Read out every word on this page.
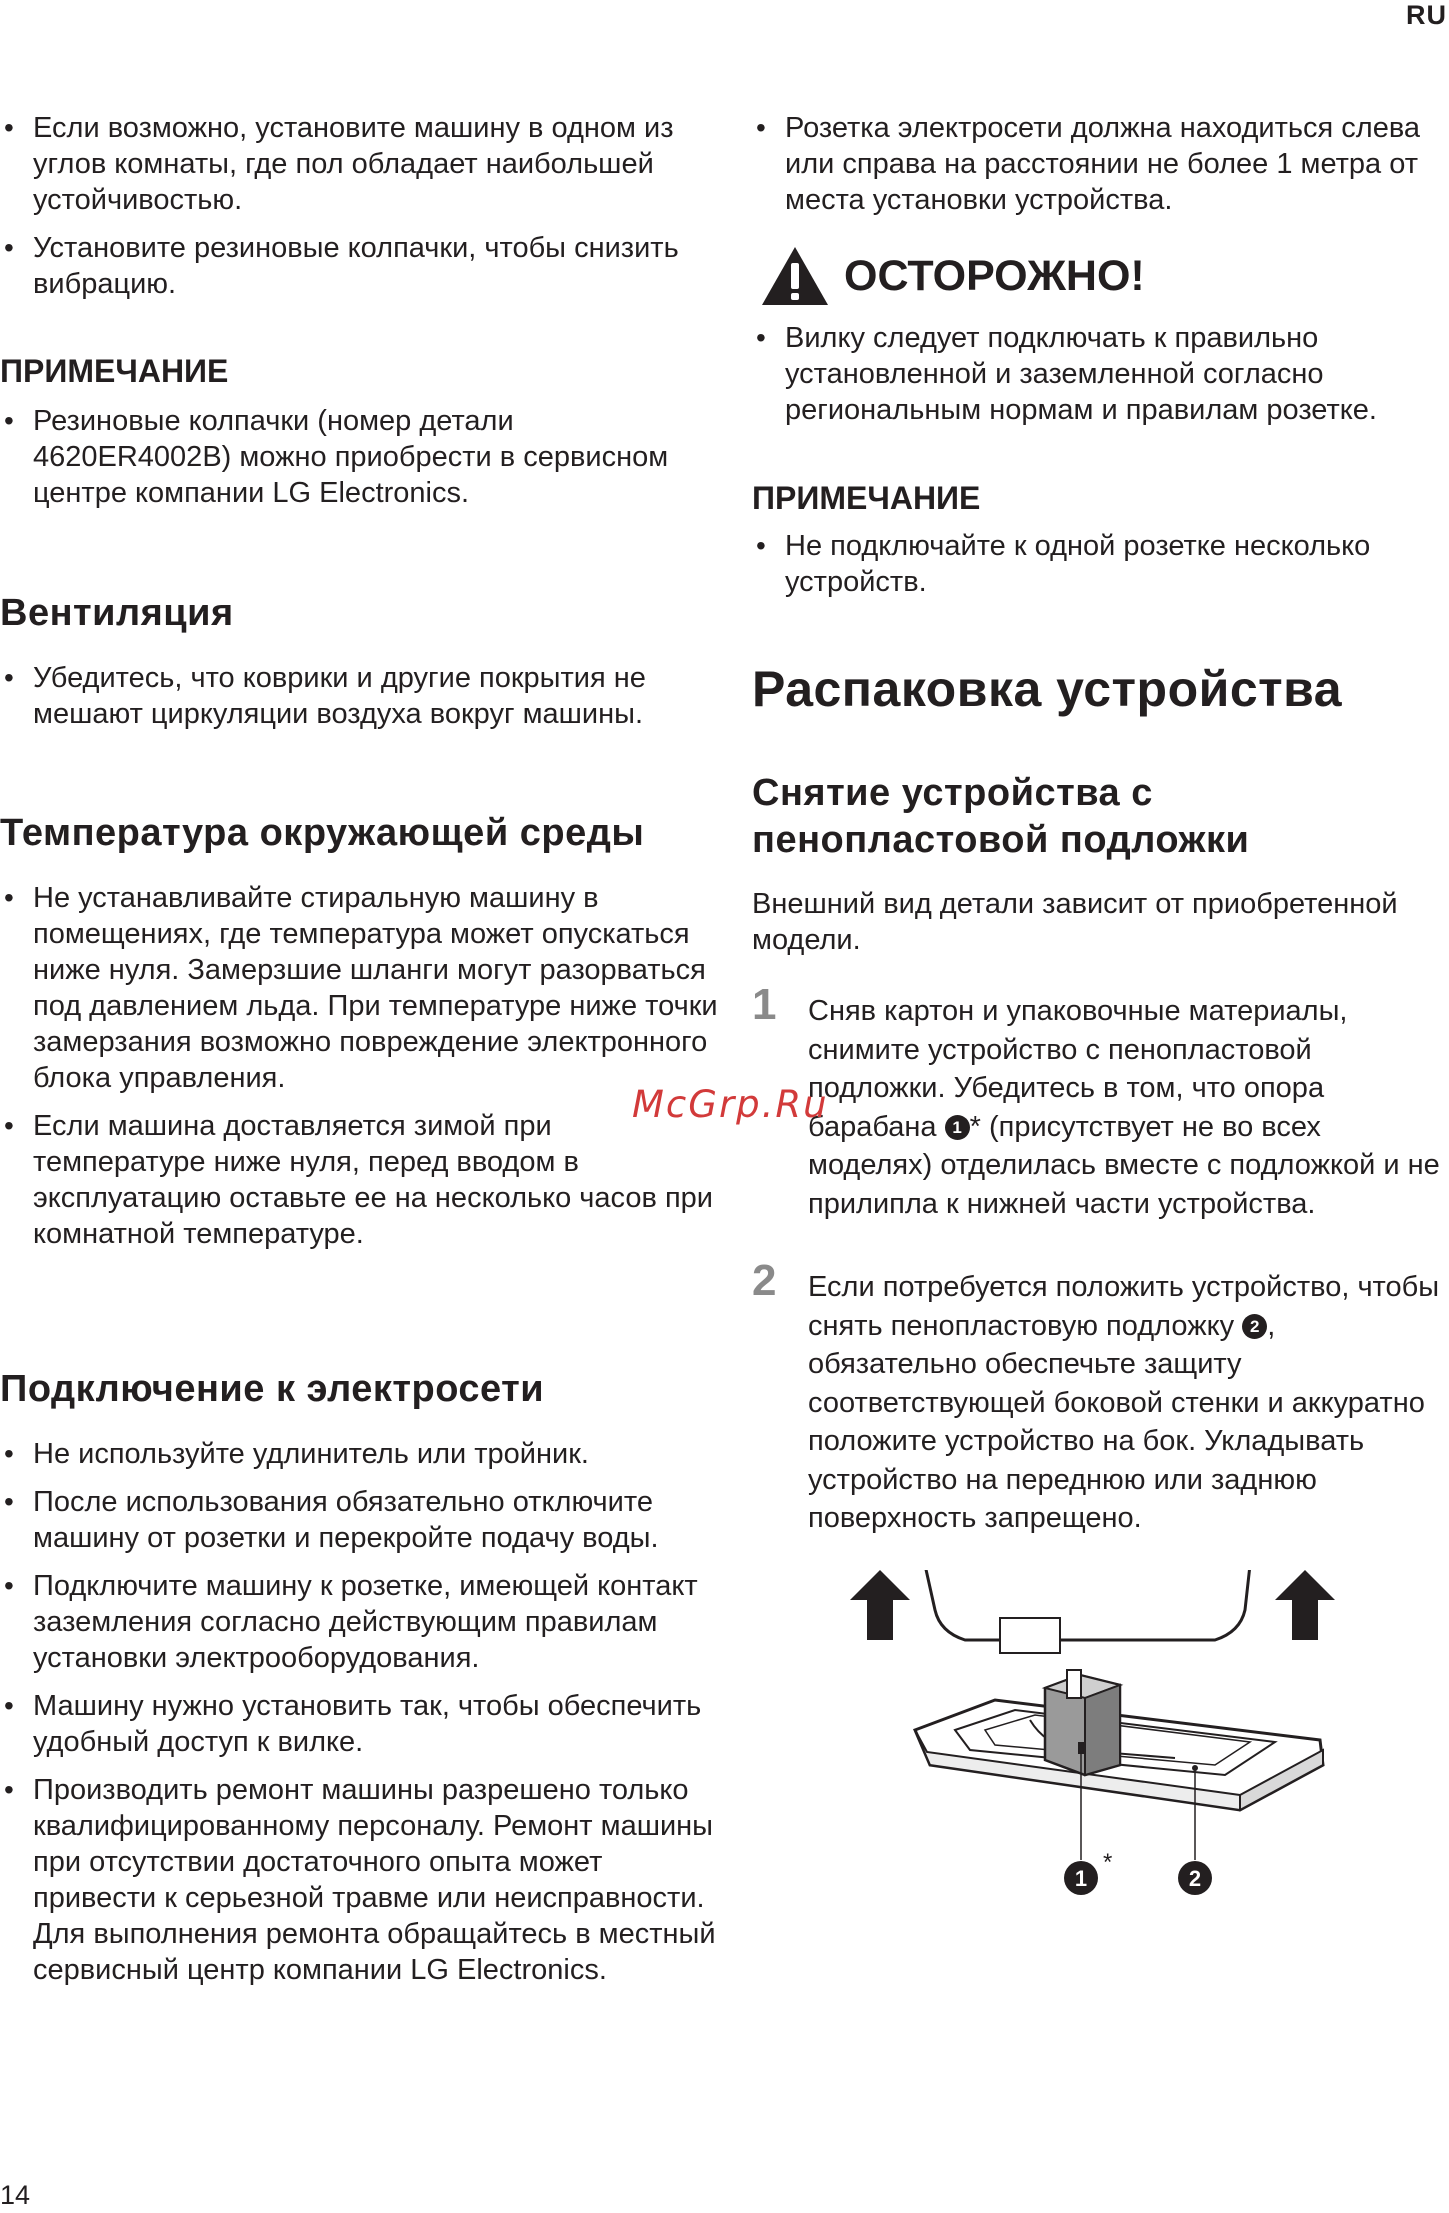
RU
• Если возможно, установите машину в одном из углов комнаты, где пол обладает наибольшей устойчивостью.
• Установите резиновые колпачки, чтобы снизить вибрацию.

ПРИМЕЧАНИЕ

• Резиновые колпачки (номер детали 4620ER4002B) можно приобрести в сервисном центре компании LG Electronics.

Вентиляция

• Убедитесь, что коврики и другие покрытия не мешают циркуляции воздуха вокруг машины.

Температура окружающей среды

• Не устанавливайте стиральную машину в помещениях, где температура может опускаться ниже нуля. Замерзшие шланги могут разорваться под давлением льда. При температуре ниже точки замерзания возможно повреждение электронного блока управления.
• Если машина доставляется зимой при температуре ниже нуля, перед вводом в эксплуатацию оставьте ее на несколько часов при комнатной температуре.

Подключение к электросети

• Не используйте удлинитель или тройник.
• После использования обязательно отключите машину от розетки и перекройте подачу воды.
• Подключите машину к розетке, имеющей контакт заземления согласно действующим правилам установки электрооборудования.
• Машину нужно установить так, чтобы обеспечить удобный доступ к вилке.
• Производить ремонт машины разрешено только квалифицированному персоналу. Ремонт машины при отсутствии достаточного опыта может привести к серьезной травме или неисправности. Для выполнения ремонта обращайтесь в местный сервисный центр компании LG Electronics.
• Розетка электросети должна находиться слева или справа на расстоянии не более 1 метра от места установки устройства.
ОСТОРОЖНО!
• Вилку следует подключать к правильно установленной и заземленной согласно региональным нормам и правилам розетке.

ПРИМЕЧАНИЕ

• Не подключайте к одной розетке несколько устройств.

Распаковка устройства

Снятие устройства с пенопластовой подложки

Внешний вид детали зависит от приобретенной модели.

1 Сняв картон и упаковочные материалы, снимите устройство с пенопластовой подложки. Убедитесь в том, что опора барабана 1 * (присутствует не во всех моделях) отделилась вместе с подложкой и не прилипла к нижней части устройства.
2 Если потребуется положить устройство, чтобы снять пенопластовую подложку 2 , обязательно обеспечьте защиту соответствующей боковой стенки и аккуратно положите устройство на бок. Укладывать устройство на переднюю или заднюю поверхность запрещено.
1
*
2
McGrp.Ru
14
